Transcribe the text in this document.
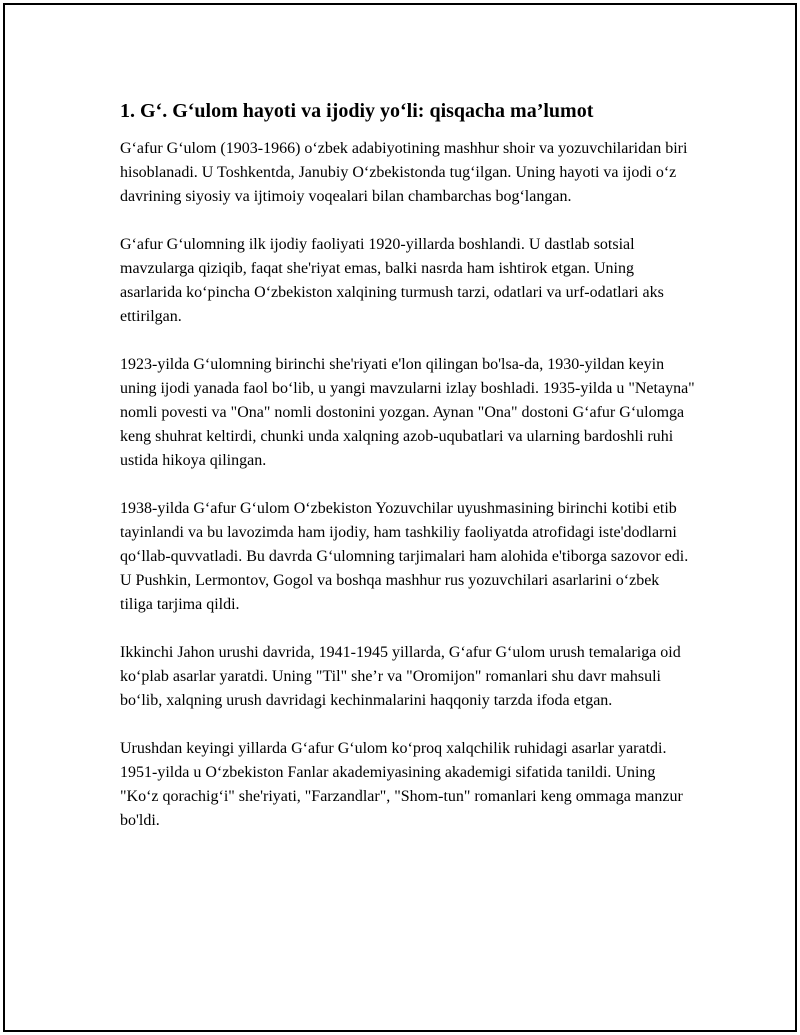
1. G‘. G‘ulom hayoti va ijodiy yo‘li: qisqacha ma’lumot

G‘afur G‘ulom (1903-1966) o‘zbek adabiyotining mashhur shoir va yozuvchilaridan biri hisoblanadi. U Toshkentda, Janubiy O‘zbekistonda tug‘ilgan. Uning hayoti va ijodi o‘z davrining siyosiy va ijtimoiy voqealari bilan chambarchas bog‘langan.

G‘afur G‘ulomning ilk ijodiy faoliyati 1920-yillarda boshlandi. U dastlab sotsial mavzularga qiziqib, faqat she'riyat emas, balki nasrda ham ishtirok etgan. Uning asarlarida ko‘pincha O‘zbekiston xalqining turmush tarzi, odatlari va urf-odatlari aks ettirilgan.

1923-yilda G‘ulomning birinchi she'riyati e'lon qilingan bo'lsa-da, 1930-yildan keyin uning ijodi yanada faol bo‘lib, u yangi mavzularni izlay boshladi. 1935-yilda u "Netayna" nomli povesti va "Ona" nomli dostonini yozgan. Aynan "Ona" dostoni G‘afur G‘ulomga keng shuhrat keltirdi, chunki unda xalqning azob-uqubatlari va ularning bardoshli ruhi ustida hikoya qilingan.

1938-yilda G‘afur G‘ulom O‘zbekiston Yozuvchilar uyushmasining birinchi kotibi etib tayinlandi va bu lavozimda ham ijodiy, ham tashkiliy faoliyatda atrofidagi iste'dodlarni qo‘llab-quvvatladi. Bu davrda G‘ulomning tarjimalari ham alohida e'tiborga sazovor edi. U Pushkin, Lermontov, Gogol va boshqa mashhur rus yozuvchilari asarlarini o‘zbek tiliga tarjima qildi.

Ikkinchi Jahon urushi davrida, 1941-1945 yillarda, G‘afur G‘ulom urush temalariga oid ko‘plab asarlar yaratdi. Uning "Til" she’r va "Oromijon" romanlari shu davr mahsuli bo‘lib, xalqning urush davridagi kechinmalarini haqqoniy tarzda ifoda etgan.

Urushdan keyingi yillarda G‘afur G‘ulom ko‘proq xalqchilik ruhidagi asarlar yaratdi. 1951-yilda u O‘zbekiston Fanlar akademiyasining akademigi sifatida tanildi. Uning "Ko‘z qorachig‘i" she'riyati, "Farzandlar", "Shom-tun" romanlari keng ommaga manzur bo'ldi.
